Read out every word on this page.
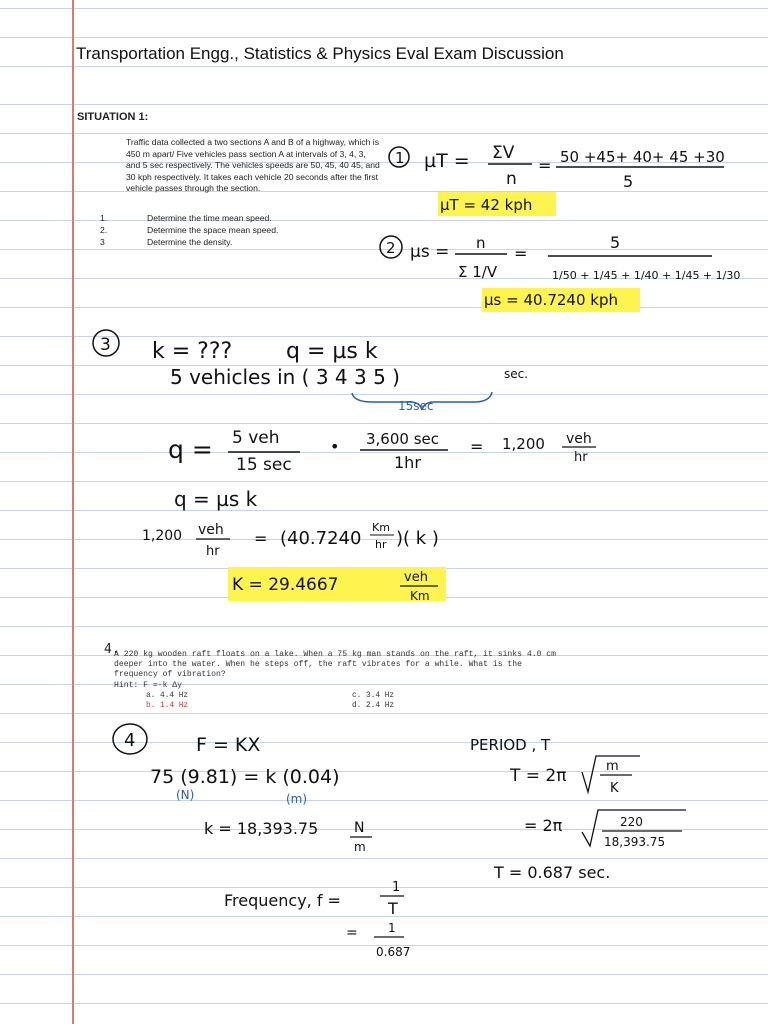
Transportation Engg., Statistics & Physics Eval Exam Discussion
SITUATION 1:
Traffic data collected a two sections A and B of a highway, which is 450 m apart/ Five vehicles pass section A at intervals of 3, 4, 3, and 5 sec respectively. The vehicles speeds are 50, 45, 40 45, and 30 kph respectively. It takes each vehicle 20 seconds after the first vehicle passes through the section.
1.	Determine the time mean speed.
2.	Determine the space mean speed.
3	Determine the density.
4.
A 220 kg wooden raft floats on a lake. When a 75 kg man stands on the raft, it sinks 4.0 cm deeper into the water. When he steps off, the raft vibrates for a while. What is the frequency of vibration?
Hint: F =-k Δy
a. 4.4 Hz	c. 3.4 Hz
b. 1.4 Hz	d. 2.4 Hz
1 µT = ΣV
n
= 50 +45+ 40+ 45 +30
5
µT = 42 kph
2 µs = n
Σ 1/V
=
5
1/50 + 1/45 + 1/40 + 1/45 + 1/30
µs = 40.7240 kph
3 k = ??? q = µs k
5 vehicles in ( 3 4 3 5 )	sec.
15sec
q = 5 veh
15 sec
• 3,600 sec
1hr
= 1,200 veh
hr
q = µs k
1,200 veh
hr
= (40.7240
Km
hr )( k )
K = 29.4667	veh
Km
4	F = KX
75 (9.81) = k (0.04)
(N)	(m)
k = 18,393.75	N
m
PERIOD , T
T = 2π	m
K
= 2π	220
18,393.75
T = 0.687 sec.
Frequency, f =
1
T
=	1
0.687
